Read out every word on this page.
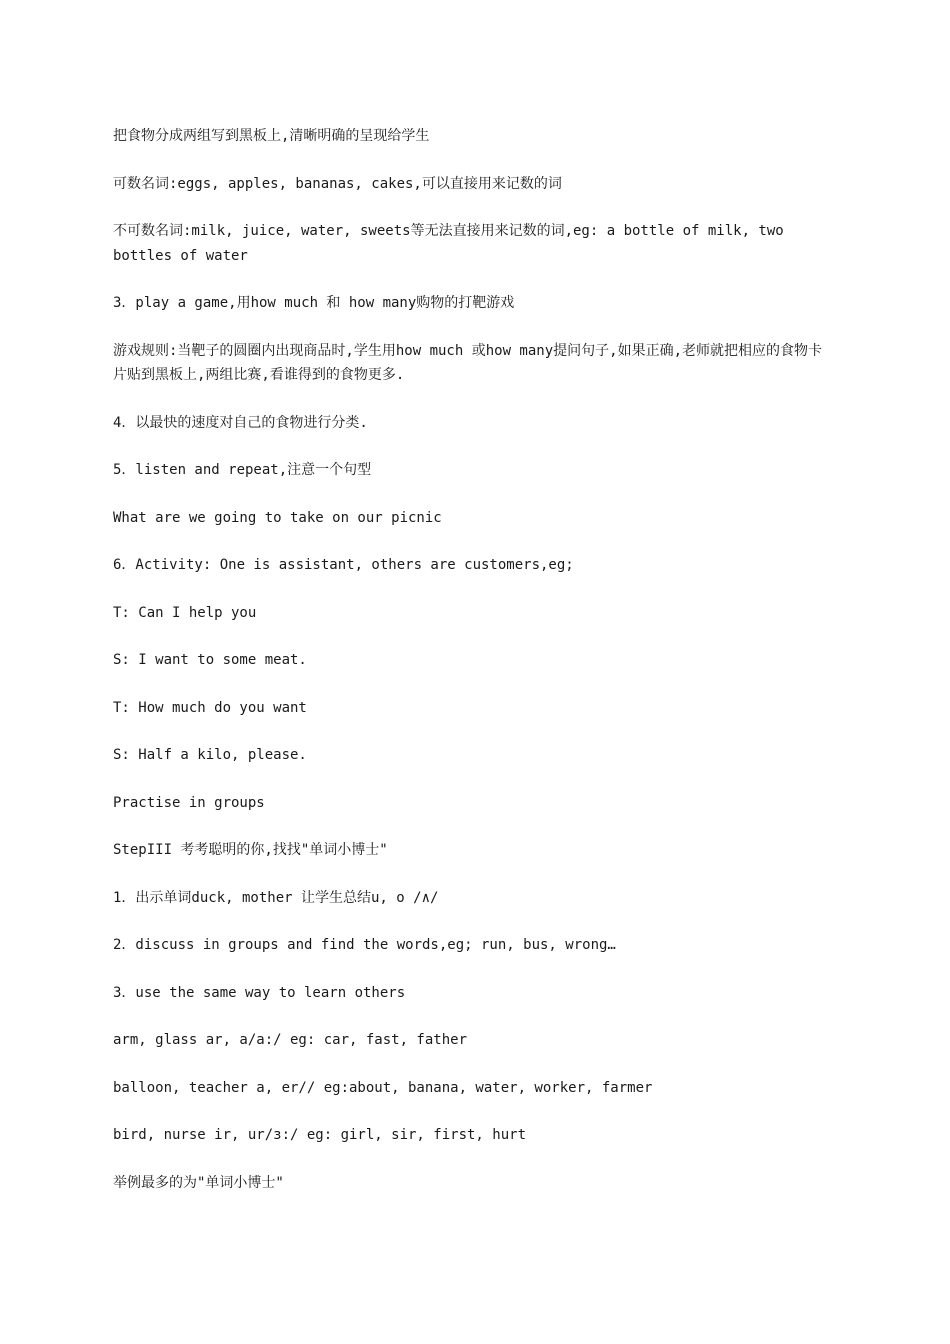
把食物分成两组写到黑板上,清晰明确的呈现给学生

可数名词:eggs, apples, bananas, cakes,可以直接用来记数的词

不可数名词:milk, juice, water, sweets等无法直接用来记数的词,eg: a bottle of milk, two bottles of water

3．play a game,用how much 和 how many购物的打靶游戏

游戏规则:当靶子的圆圈内出现商品时,学生用how much 或how many提问句子,如果正确,老师就把相应的食物卡片贴到黑板上,两组比赛,看谁得到的食物更多.

4．以最快的速度对自己的食物进行分类.

5．listen and repeat,注意一个句型

What are we going to take on our picnic

6．Activity: One is assistant, others are customers,eg;

T: Can I help you

S: I want to some meat.

T: How much do you want

S: Half a kilo, please.

Practise in groups

StepIII 考考聪明的你,找找"单词小博士"

1．出示单词duck, mother 让学生总结u, o /∧/

2．discuss in groups and find the words,eg; run, bus, wrong…

3．use the same way to learn others

arm, glass ar, a/a:/ eg: car, fast, father

balloon, teacher a, er// eg:about, banana, water, worker, farmer

bird, nurse ir, ur/ɜ:/ eg: girl, sir, first, hurt

举例最多的为"单词小博士"
